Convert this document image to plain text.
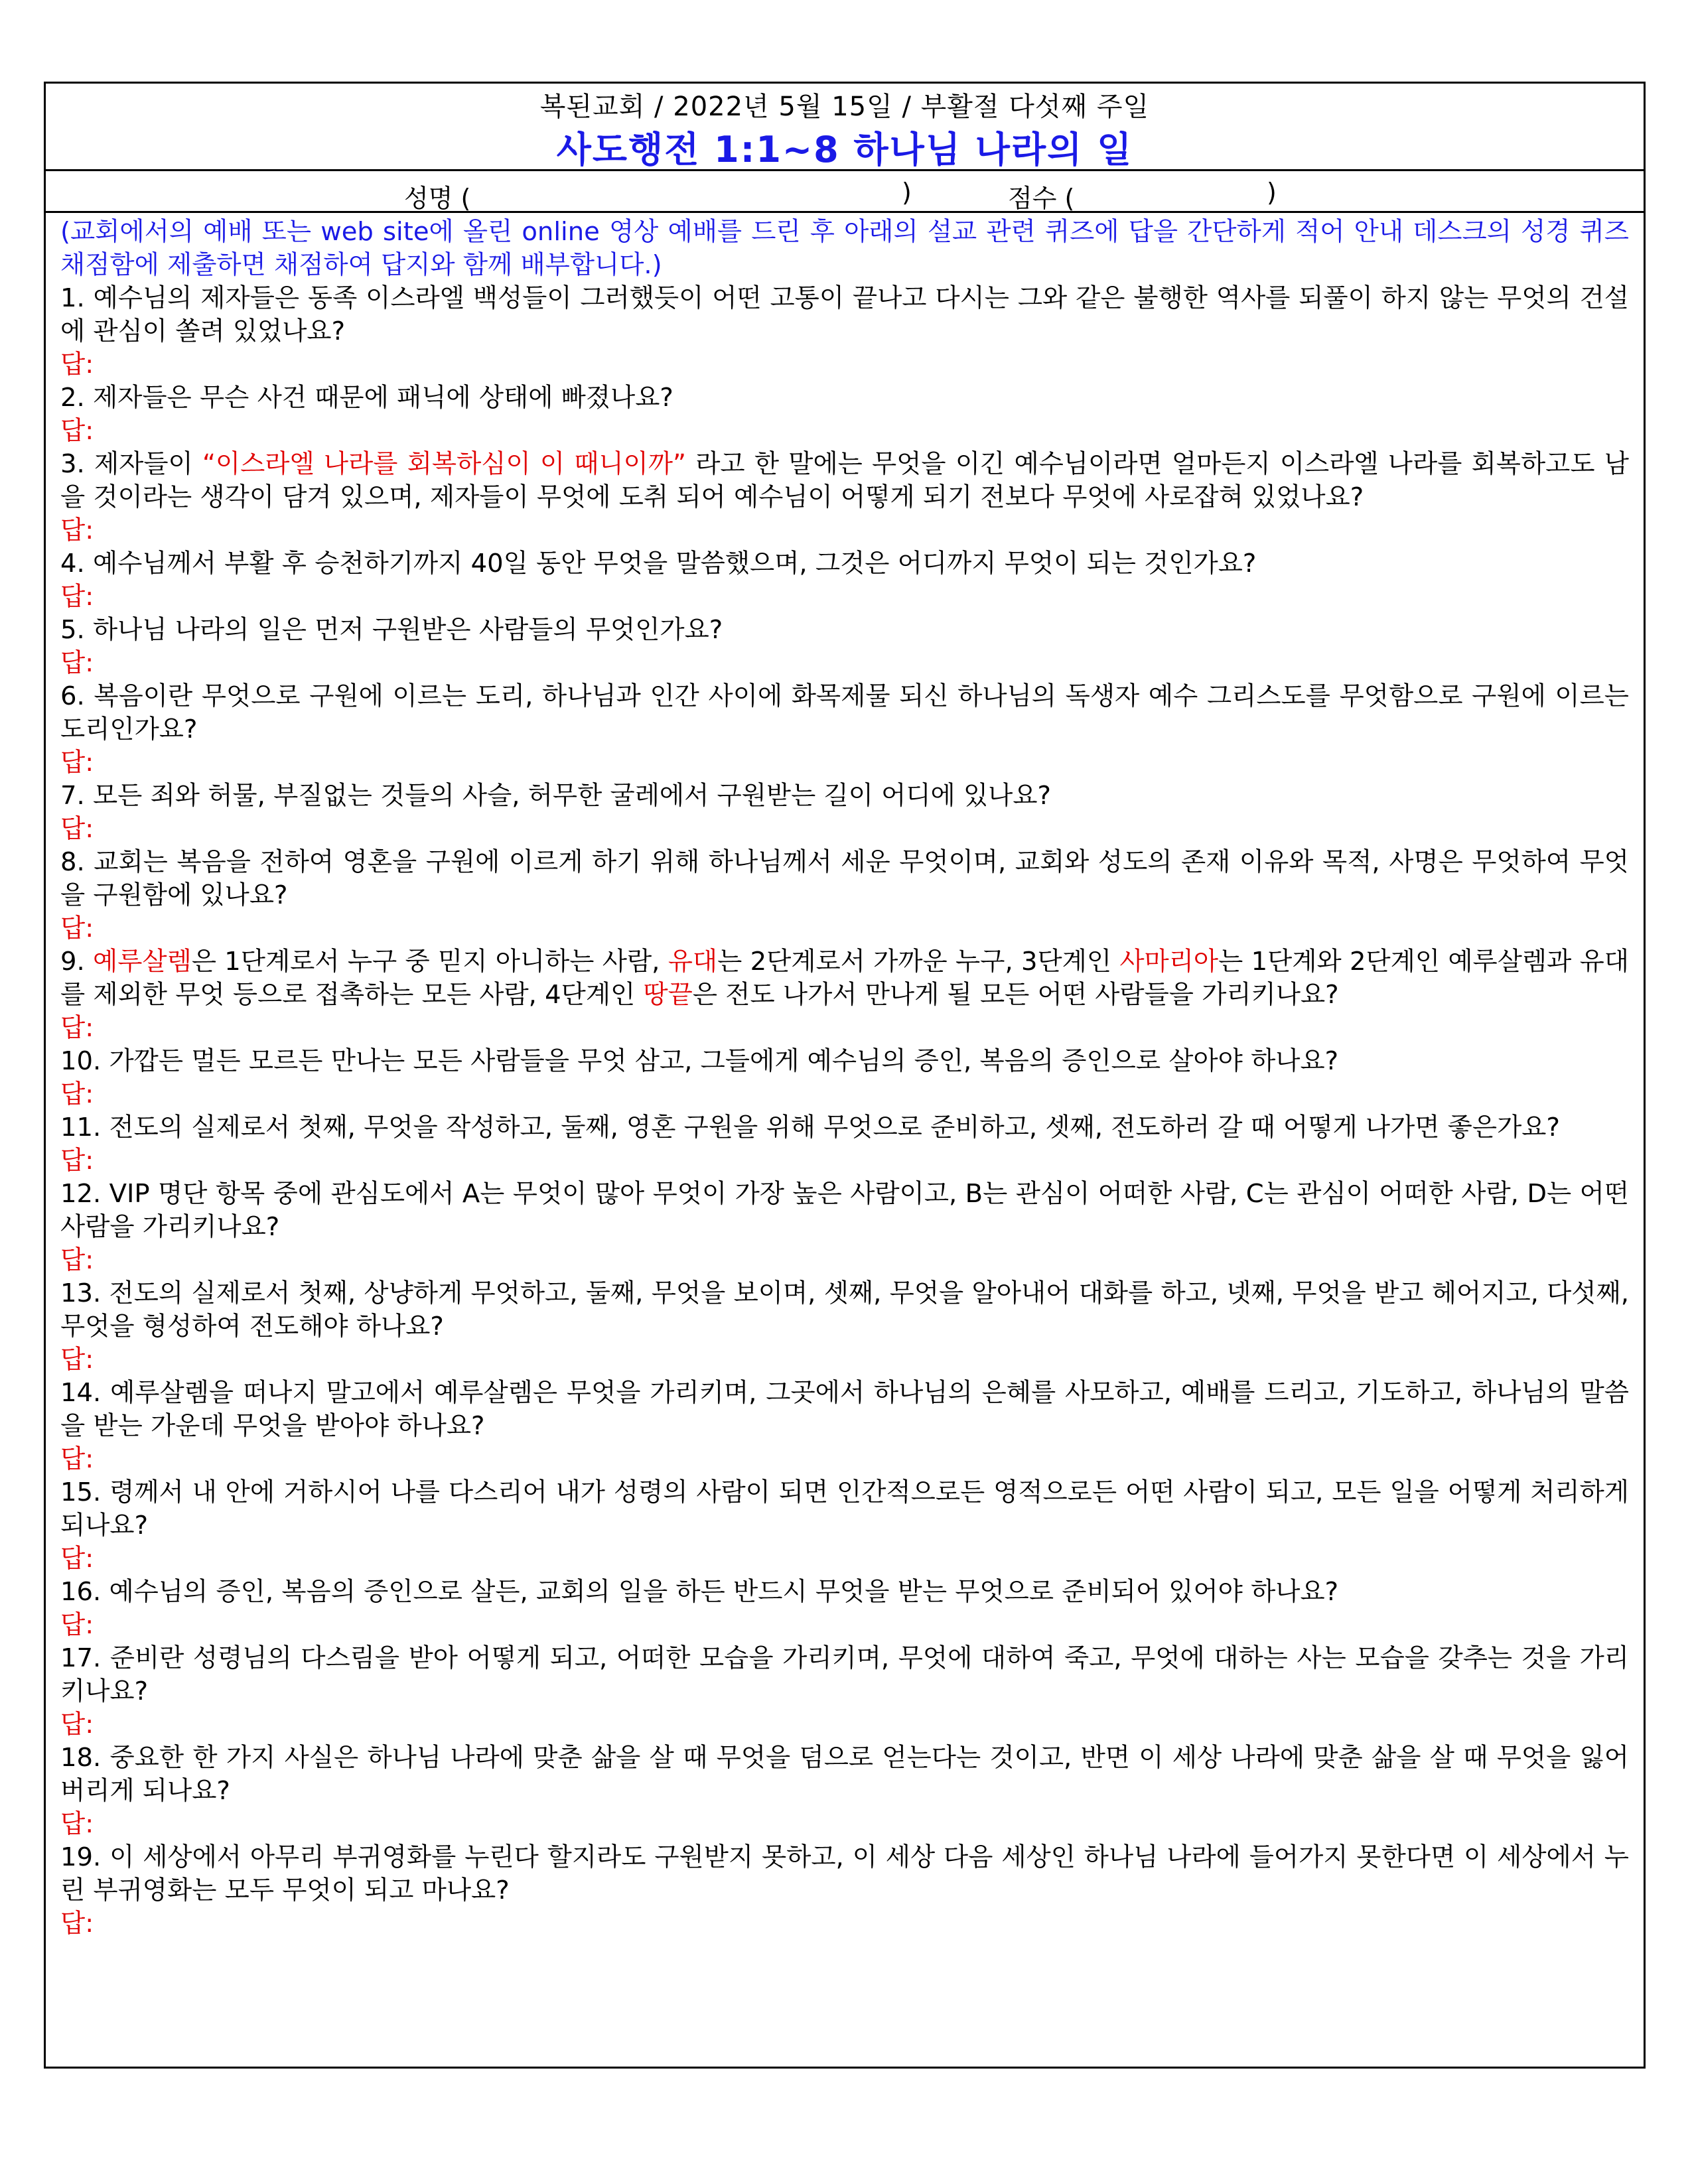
복된교회 / 2022년 5월 15일 / 부활절 다섯째 주일
사도행전 1:1~8 하나님 나라의 일
성명 (	)	점수 (	)
(교회에서의 예배 또는 web site에 올린 online 영상 예배를 드린 후 아래의 설교 관련 퀴즈에 답을 간단하게 적어 안내 데스크의 성경 퀴즈 채점함에 제출하면 채점하여 답지와 함께 배부합니다.)
1. 예수님의 제자들은 동족 이스라엘 백성들이 그러했듯이 어떤 고통이 끝나고 다시는 그와 같은 불행한 역사를 되풀이 하지 않는 무엇의 건설에 관심이 쏠려 있었나요?
답:
2. 제자들은 무슨 사건 때문에 패닉에 상태에 빠졌나요?
답:
3. 제자들이 “이스라엘 나라를 회복하심이 이 때니이까” 라고 한 말에는 무엇을 이긴 예수님이라면 얼마든지 이스라엘 나라를 회복하고도 남을 것이라는 생각이 담겨 있으며, 제자들이 무엇에 도취 되어 예수님이 어떻게 되기 전보다 무엇에 사로잡혀 있었나요?
답:
4. 예수님께서 부활 후 승천하기까지 40일 동안 무엇을 말씀했으며, 그것은 어디까지 무엇이 되는 것인가요?
답:
5. 하나님 나라의 일은 먼저 구원받은 사람들의 무엇인가요?
답:
6. 복음이란 무엇으로 구원에 이르는 도리, 하나님과 인간 사이에 화목제물 되신 하나님의 독생자 예수 그리스도를 무엇함으로 구원에 이르는 도리인가요?
답:
7. 모든 죄와 허물, 부질없는 것들의 사슬, 허무한 굴레에서 구원받는 길이 어디에 있나요?
답:
8. 교회는 복음을 전하여 영혼을 구원에 이르게 하기 위해 하나님께서 세운 무엇이며, 교회와 성도의 존재 이유와 목적, 사명은 무엇하여 무엇을 구원함에 있나요?
답:
9. 예루살렘은 1단계로서 누구 중 믿지 아니하는 사람, 유대는 2단계로서 가까운 누구, 3단계인 사마리아는 1단계와 2단계인 예루살렘과 유대를 제외한 무엇 등으로 접촉하는 모든 사람, 4단계인 땅끝은 전도 나가서 만나게 될 모든 어떤 사람들을 가리키나요?
답:
10. 가깝든 멀든 모르든 만나는 모든 사람들을 무엇 삼고, 그들에게 예수님의 증인, 복음의 증인으로 살아야 하나요?
답:
11. 전도의 실제로서 첫째, 무엇을 작성하고, 둘째, 영혼 구원을 위해 무엇으로 준비하고, 셋째, 전도하러 갈 때 어떻게 나가면 좋은가요?
답:
12. VIP 명단 항목 중에 관심도에서 A는 무엇이 많아 무엇이 가장 높은 사람이고, B는 관심이 어떠한 사람, C는 관심이 어떠한 사람, D는 어떤 사람을 가리키나요?
답:
13. 전도의 실제로서 첫째, 상냥하게 무엇하고, 둘째, 무엇을 보이며, 셋째, 무엇을 알아내어 대화를 하고, 넷째, 무엇을 받고 헤어지고, 다섯째, 무엇을 형성하여 전도해야 하나요?
답:
14. 예루살렘을 떠나지 말고에서 예루살렘은 무엇을 가리키며, 그곳에서 하나님의 은혜를 사모하고, 예배를 드리고, 기도하고, 하나님의 말씀을 받는 가운데 무엇을 받아야 하나요?
답:
15. 령께서 내 안에 거하시어 나를 다스리어 내가 성령의 사람이 되면 인간적으로든 영적으로든 어떤 사람이 되고, 모든 일을 어떻게 처리하게 되나요?
답:
16. 예수님의 증인, 복음의 증인으로 살든, 교회의 일을 하든 반드시 무엇을 받는 무엇으로 준비되어 있어야 하나요?
답:
17. 준비란 성령님의 다스림을 받아 어떻게 되고, 어떠한 모습을 가리키며, 무엇에 대하여 죽고, 무엇에 대하는 사는 모습을 갖추는 것을 가리키나요?
답:
18. 중요한 한 가지 사실은 하나님 나라에 맞춘 삶을 살 때 무엇을 덤으로 얻는다는 것이고, 반면 이 세상 나라에 맞춘 삶을 살 때 무엇을 잃어버리게 되나요?
답:
19. 이 세상에서 아무리 부귀영화를 누린다 할지라도 구원받지 못하고, 이 세상 다음 세상인 하나님 나라에 들어가지 못한다면 이 세상에서 누린 부귀영화는 모두 무엇이 되고 마나요?
답:
